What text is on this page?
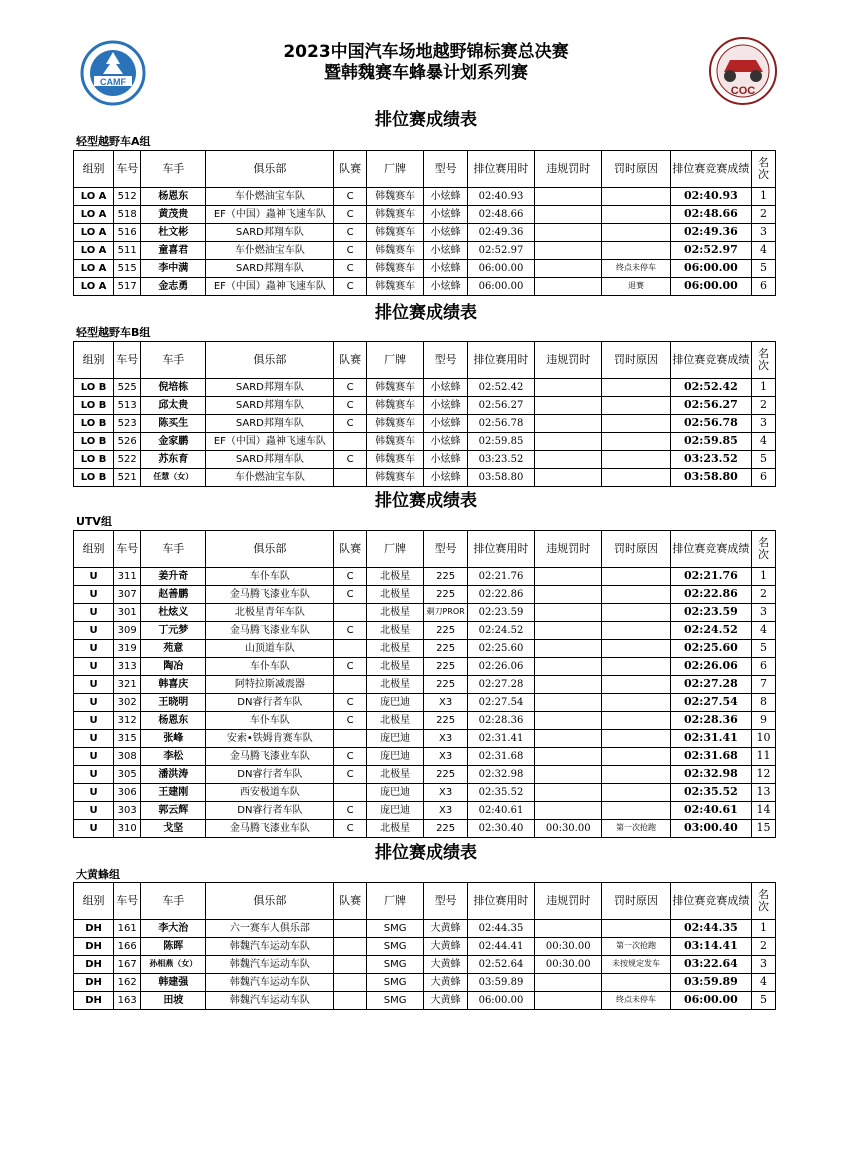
2023中国汽车场地越野锦标赛总决赛
暨韩魏赛车蜂暴计划系列赛
CAMF
COC
排位赛成绩表
轻型越野车A组
组别	车号	车手	俱乐部	队赛	厂牌	型号	排位赛用时	违规罚时	罚时原因	排位赛竞赛成绩	名次
LO A	512	杨恩东	车仆燃油宝车队	C	韩魏赛车	小炫蜂	02:40.93			02:40.93	1
LO A	518	黄茂贵	EF（中国）蟲神飞速车队	C	韩魏赛车	小炫蜂	02:48.66			02:48.66	2
LO A	516	杜文彬	SARD邦翔车队	C	韩魏赛车	小炫蜂	02:49.36			02:49.36	3
LO A	511	童喜君	车仆燃油宝车队	C	韩魏赛车	小炫蜂	02:52.97			02:52.97	4
LO A	515	李中满	SARD邦翔车队	C	韩魏赛车	小炫蜂	06:00.00		终点未停车	06:00.00	5
LO A	517	金志勇	EF（中国）蟲神飞速车队	C	韩魏赛车	小炫蜂	06:00.00		退赛	06:00.00	6
排位赛成绩表
轻型越野车B组
组别	车号	车手	俱乐部	队赛	厂牌	型号	排位赛用时	违规罚时	罚时原因	排位赛竞赛成绩	名次
LO B	525	倪培栋	SARD邦翔车队	C	韩魏赛车	小炫蜂	02:52.42			02:52.42	1
LO B	513	邱太贵	SARD邦翔车队	C	韩魏赛车	小炫蜂	02:56.27			02:56.27	2
LO B	523	陈买生	SARD邦翔车队	C	韩魏赛车	小炫蜂	02:56.78			02:56.78	3
LO B	526	金家鹏	EF（中国）蟲神飞速车队		韩魏赛车	小炫蜂	02:59.85			02:59.85	4
LO B	522	苏东育	SARD邦翔车队	C	韩魏赛车	小炫蜂	03:23.52			03:23.52	5
LO B	521	任慧（女）	车仆燃油宝车队		韩魏赛车	小炫蜂	03:58.80			03:58.80	6
排位赛成绩表
UTV组
组别	车号	车手	俱乐部	队赛	厂牌	型号	排位赛用时	违规罚时	罚时原因	排位赛竞赛成绩	名次
U	311	姜升奇	车仆车队	C	北极星	225	02:21.76			02:21.76	1
U	307	赵善鹏	金马腾飞漆业车队	C	北极星	225	02:22.86			02:22.86	2
U	301	杜炫义	北极星青年车队		北极星	剃刀PROR	02:23.59			02:23.59	3
U	309	丁元梦	金马腾飞漆业车队	C	北极星	225	02:24.52			02:24.52	4
U	319	苑意	山顶道车队		北极星	225	02:25.60			02:25.60	5
U	313	陶冶	车仆车队	C	北极星	225	02:26.06			02:26.06	6
U	321	韩喜庆	阿特拉斯减震器		北极星	225	02:27.28			02:27.28	7
U	302	王晓明	DN睿行者车队	C	庞巴迪	X3	02:27.54			02:27.54	8
U	312	杨恩东	车仆车队	C	北极星	225	02:28.36			02:28.36	9
U	315	张峰	安索•铁姆肯赛车队		庞巴迪	X3	02:31.41			02:31.41	10
U	308	李松	金马腾飞漆业车队	C	庞巴迪	X3	02:31.68			02:31.68	11
U	305	潘洪涛	DN睿行者车队	C	北极星	225	02:32.98			02:32.98	12
U	306	王建刚	西安极道车队		庞巴迪	X3	02:35.52			02:35.52	13
U	303	郭云辉	DN睿行者车队	C	庞巴迪	X3	02:40.61			02:40.61	14
U	310	戈坚	金马腾飞漆业车队	C	北极星	225	02:30.40	00:30.00	第一次抢跑	03:00.40	15
排位赛成绩表
大黄蜂组
组别	车号	车手	俱乐部	队赛	厂牌	型号	排位赛用时	违规罚时	罚时原因	排位赛竞赛成绩	名次
DH	161	李大治	六一赛车人俱乐部		SMG	大黄蜂	02:44.35			02:44.35	1
DH	166	陈晖	韩魏汽车运动车队		SMG	大黄蜂	02:44.41	00:30.00	第一次抢跑	03:14.41	2
DH	167	孙相燕（女）	韩魏汽车运动车队		SMG	大黄蜂	02:52.64	00:30.00	未按规定发车	03:22.64	3
DH	162	韩建强	韩魏汽车运动车队		SMG	大黄蜂	03:59.89			03:59.89	4
DH	163	田坡	韩魏汽车运动车队		SMG	大黄蜂	06:00.00		终点未停车	06:00.00	5
